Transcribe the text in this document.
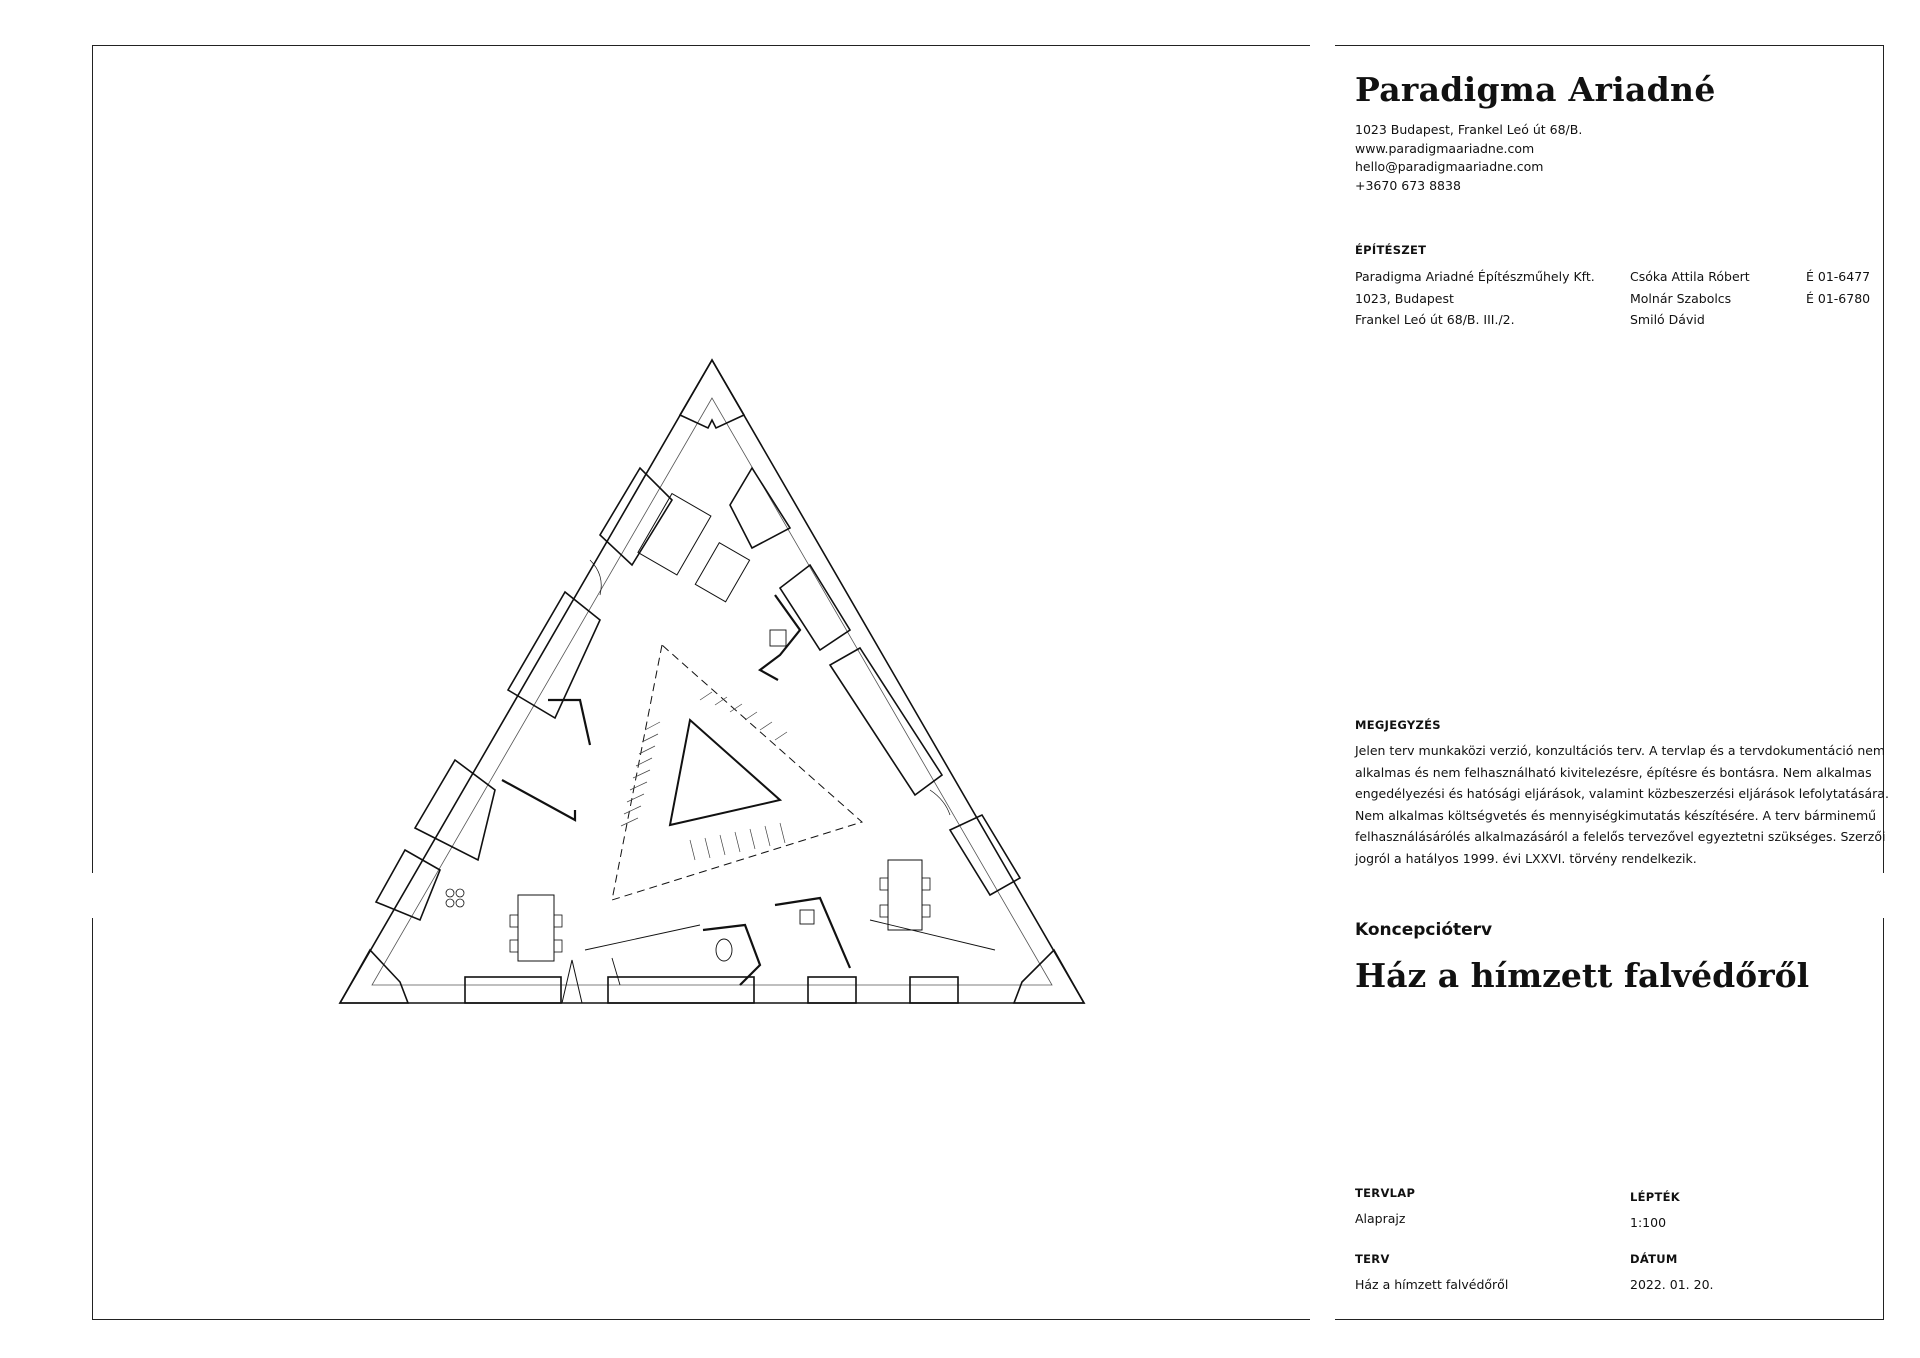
Paradigma Ariadné
1023 Budapest, Frankel Leó út 68/B.
www.paradigmaariadne.com
hello@paradigmaariadne.com
+3670 673 8838
ÉPÍTÉSZET
Paradigma Ariadné Építészműhely Kft.
1023, Budapest
Frankel Leó út 68/B. III./2.
Csóka Attila Róbert
Molnár Szabolcs
Smiló Dávid
É 01-6477
É 01-6780
MEGJEGYZÉS
Jelen terv munkaközi verzió, konzultációs terv. A tervlap és a tervdokumentáció nem alkalmas és nem felhasználható kivitelezésre, építésre és bontásra. Nem alkalmas engedélyezési és hatósági eljárások, valamint közbeszerzési eljárások lefolytatására. Nem alkalmas költségvetés és mennyiségkimutatás készítésére. A terv bárminemű felhasználásárólés alkalmazásáról a felelős tervezővel egyeztetni szükséges. Szerzői jogról a hatályos 1999. évi LXXVI. törvény rendelkezik.
Koncepcióterv
Ház a hímzett falvédőről
TERVLAP
Alaprajz
LÉPTÉK
1:100
TERV
Ház a hímzett falvédőről
DÁTUM
2022. 01. 20.
